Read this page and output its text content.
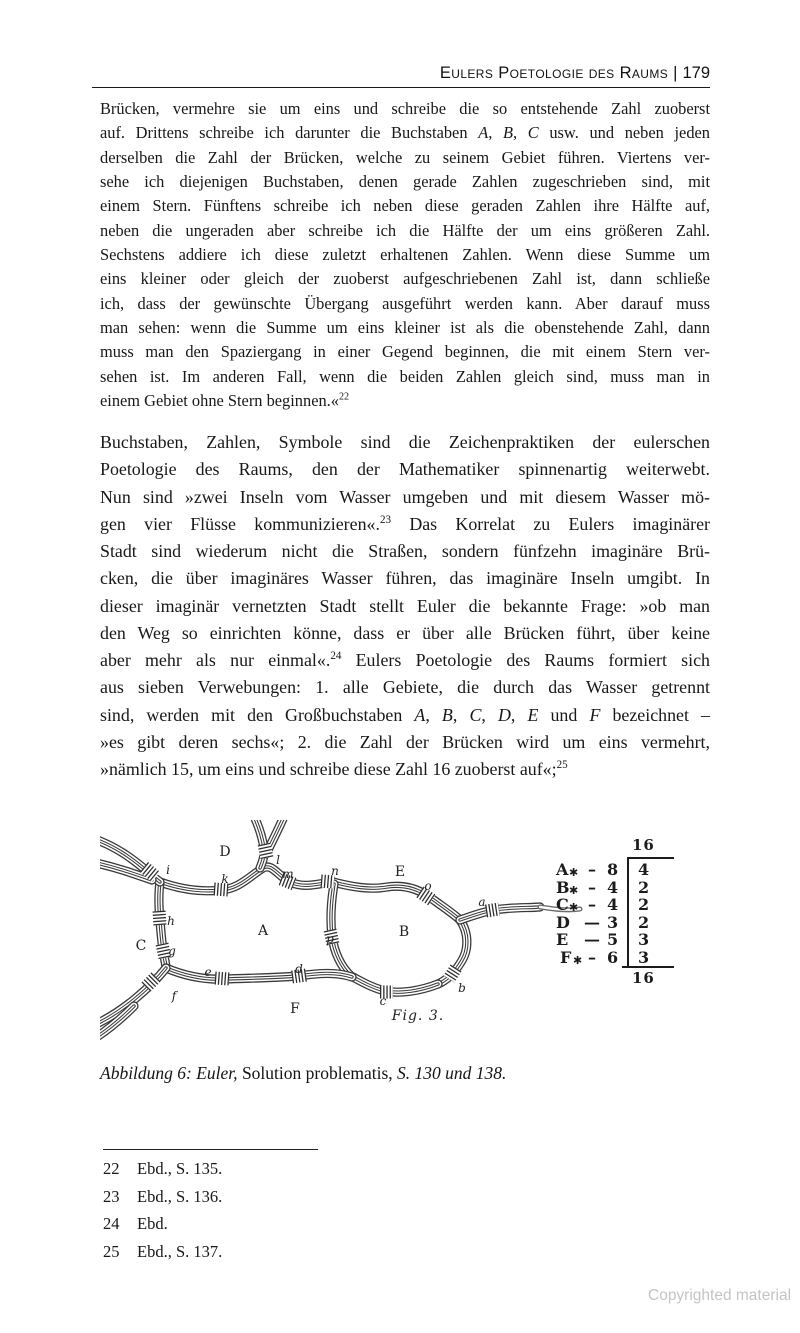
Eulers Poetologie des Raums | 179
Brücken, vermehre sie um eins und schreibe die so entstehende Zahl zuoberst
auf. Drittens schreibe ich darunter die Buchstaben A, B, C usw. und neben jeden
derselben die Zahl der Brücken, welche zu seinem Gebiet führen. Viertens ver-
sehe ich diejenigen Buchstaben, denen gerade Zahlen zugeschrieben sind, mit
einem Stern. Fünftens schreibe ich neben diese geraden Zahlen ihre Hälfte auf,
neben die ungeraden aber schreibe ich die Hälfte der um eins größeren Zahl.
Sechstens addiere ich diese zuletzt erhaltenen Zahlen. Wenn diese Summe um
eins kleiner oder gleich der zuoberst aufgeschriebenen Zahl ist, dann schließe
ich, dass der gewünschte Übergang ausgeführt werden kann. Aber darauf muss
man sehen: wenn die Summe um eins kleiner ist als die obenstehende Zahl, dann
muss man den Spaziergang in einer Gegend beginnen, die mit einem Stern ver-
sehen ist. Im anderen Fall, wenn die beiden Zahlen gleich sind, muss man in
einem Gebiet ohne Stern beginnen.«$^{22}$
Buchstaben, Zahlen, Symbole sind die Zeichenpraktiken der eulerschen
Poetologie des Raums, den der Mathematiker spinnenartig weiterwebt.
Nun sind »zwei Inseln vom Wasser umgeben und mit diesem Wasser mö-
gen vier Flüsse kommunizieren«.$^{23}$ Das Korrelat zu Eulers imaginärer
Stadt sind wiederum nicht die Straßen, sondern fünfzehn imaginäre Brü-
cken, die über imaginäres Wasser führen, das imaginäre Inseln umgibt. In
dieser imaginär vernetzten Stadt stellt Euler die bekannte Frage: »ob man
den Weg so einrichten könne, dass er über alle Brücken führt, über keine
aber mehr als nur einmal«.$^{24}$ Eulers Poetologie des Raums formiert sich
aus sieben Verwebungen: 1. alle Gebiete, die durch das Wasser getrennt
sind, werden mit den Großbuchstaben A, B, C, D, E und F bezeichnet –
»es gibt deren sechs«; 2. die Zahl der Brücken wird um eins vermehrt,
»nämlich 15, um eins und schreibe diese Zahl 16 zuoberst auf«;$^{25}$
A	B
C
D
E
F
i
k
l
m	n
h
g
f
e	d
p
o
a
b
c
Fig. 3.
16
16
A ✱ – 8 4
B ✱ – 4 2
C ✱ – 4 2
D — 3 2
E — 5 3
F ✱ – 6 3
Abbildung 6: Euler, Solution problematis, S. 130 und 138.
22	Ebd., S. 135.
23	Ebd., S. 136.
24	Ebd.
25	Ebd., S. 137.
Copyrighted material
